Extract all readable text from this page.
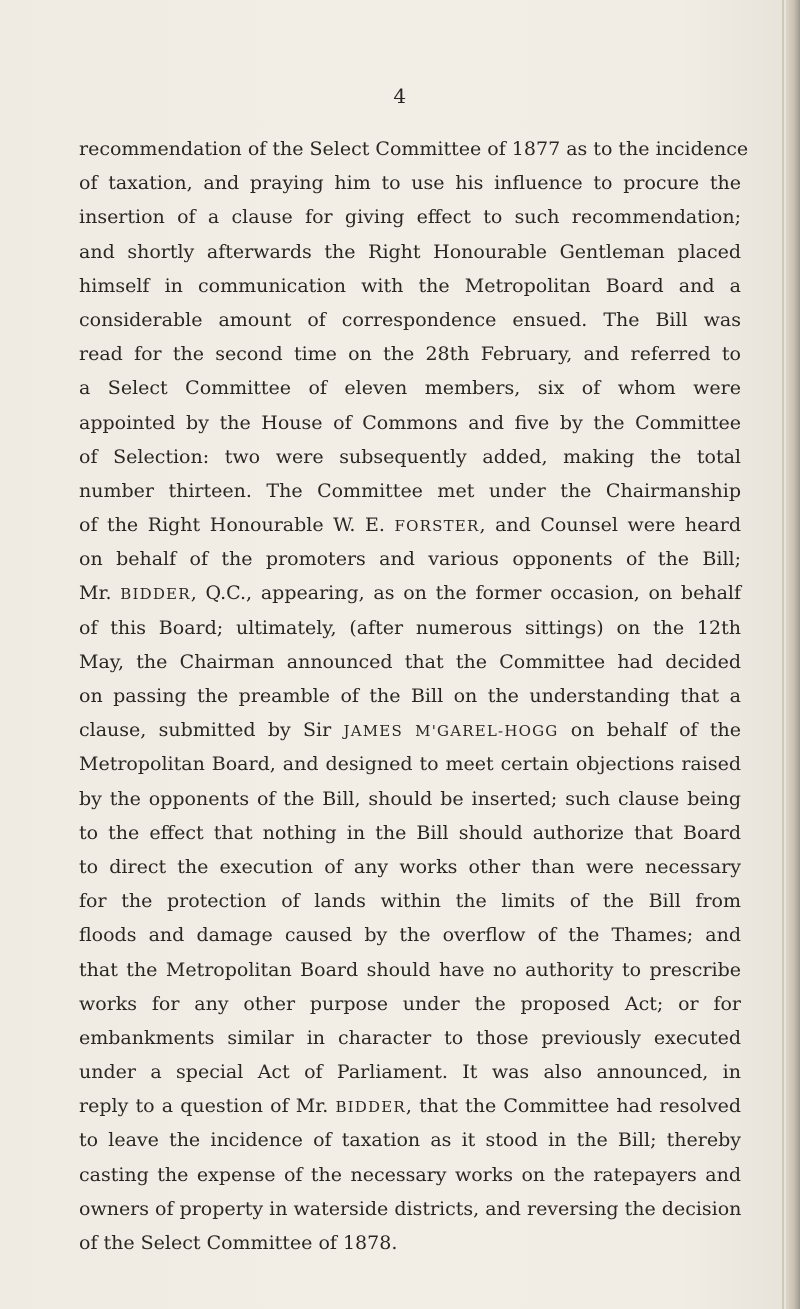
4
recommendation of the Select Committee of 1877 as to the incidence
of taxation, and praying him to use his influence to procure the
insertion of a clause for giving effect to such recommendation;
and shortly afterwards the Right Honourable Gentleman placed
himself in communication with the Metropolitan Board and a
considerable amount of correspondence ensued. The Bill was
read for the second time on the 28th February, and referred to
a Select Committee of eleven members, six of whom were
appointed by the House of Commons and five by the Committee
of Selection: two were subsequently added, making the total
number thirteen. The Committee met under the Chairmanship
of the Right Honourable W. E. FORSTER, and Counsel were heard
on behalf of the promoters and various opponents of the Bill;
Mr. BIDDER, Q.C., appearing, as on the former occasion, on behalf
of this Board; ultimately, (after numerous sittings) on the 12th
May, the Chairman announced that the Committee had decided
on passing the preamble of the Bill on the understanding that a
clause, submitted by Sir JAMES M'GAREL-HOGG on behalf of the
Metropolitan Board, and designed to meet certain objections raised
by the opponents of the Bill, should be inserted; such clause being
to the effect that nothing in the Bill should authorize that Board
to direct the execution of any works other than were necessary
for the protection of lands within the limits of the Bill from
floods and damage caused by the overflow of the Thames; and
that the Metropolitan Board should have no authority to prescribe
works for any other purpose under the proposed Act; or for
embankments similar in character to those previously executed
under a special Act of Parliament. It was also announced, in
reply to a question of Mr. BIDDER, that the Committee had resolved
to leave the incidence of taxation as it stood in the Bill; thereby
casting the expense of the necessary works on the ratepayers and
owners of property in waterside districts, and reversing the decision
of the Select Committee of 1878.
